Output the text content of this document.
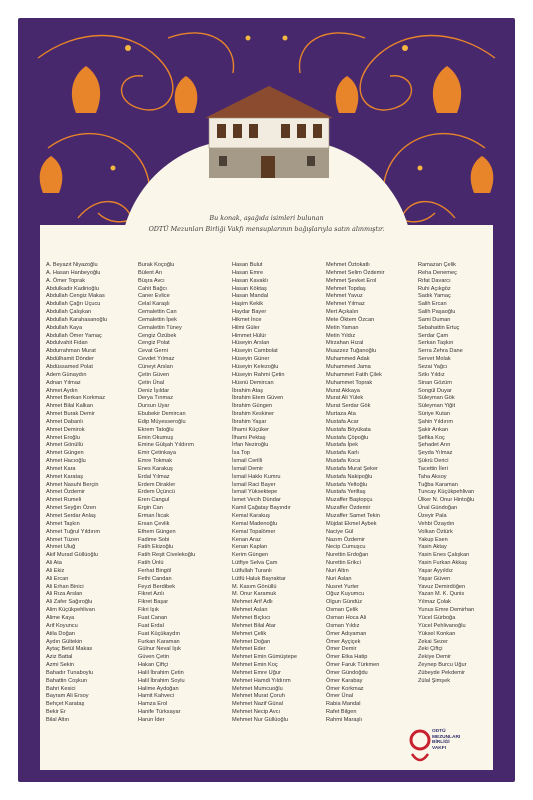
Bu konak, aşağıda isimleri bulunan
ODTÜ Mezunları Birliği Vakfı mensuplarının bağışlarıyla satın alınmıştır.
A. Beyazıt Niyazoğlu
A. Hasan Hanbeyoğlu
A. Ömer Toprak
Abdulkadir Kadirioğlu
Abdullah Cengiz Makas
Abdullah Çağrı Uçucu
Abdullah Çalışkan
Abdullah Karahasanoğlu
Abdullah Kaya
Abdullah Ömer Yamaç
Abdulvahit Fidan
Abdurrahman Murat
Abdülhamit Dönder
Abdüssamed Polat
Adem Günaydın
Adnan Yılmaz
Ahmet Aydın
Ahmet Berkan Korkmaz
Ahmet Bilal Kalkan
Ahmet Burak Demir
Ahmet Dabanlı
Ahmet Demirok
Ahmet Eroğlu
Ahmet Gönüllü
Ahmet Güngen
Ahmet Hacıoğlu
Ahmet Kara
Ahmet Karataş
Ahmet Nasuhi Berçin
Ahmet Özdemir
Ahmet Rumeli
Ahmet Seyğın Özen
Ahmet Serdar Anlaş
Ahmet Taşkın
Ahmet Tuğrul Yıldırım
Ahmet Tüzen
Ahmet Uluğ
Akif Murad Güllüoğlu
Ali Ata
Ali Ekiz
Ali Ercan
Ali Erhan Binici
Ali Rıza Arslan
Ali Zafer Sağıroğlu
Alim Küçükpehlivan
Alime Kaya
Arif Koyuncu
Atila Doğan
Aydın Gültekin
Aytaç Betül Makas
Aziz Battal
Azmi Sekin
Bahadır Tunaboylu
Bahattin Coşkun
Bahri Kesici
Bayram Ali Ersoy
Behçet Karataş
Bekir Er
Bilal Altın
Burak Koçoğlu
Bülent Arı
Büşra Avcı
Cahit Bağcı
Caner Evlice
Celal Karaşlı
Cemalettin Can
Cemalettin İpek
Cemalettin Tüney
Cengiz Özübek
Cengiz Polat
Cevat Gerni
Cevdet Yılmaz
Cüneyt Arslan
Çetin Güven
Çetin Ünal
Deniz İşıldar
Derya Tınmaz
Dursun Uyar
Ebubekir Demircan
Edip Müyesseroğlu
Ekrem Tatoğlu
Emin Okumuş
Emine Gülşah Yıldırım
Emir Çetinkaya
Emre Tokmak
Enes Karakuş
Erdal Yılmaz
Erdem Dirakler
Erdem Üçüncü
Eren Cangul
Ergin Can
Erman İlıcak
Ersan Çevlik
Ethem Güngen
Fadime Sobi
Fatih Ekizoğlu
Fatih Reşit Civelekoğlu
Fatih Ünlü
Ferhat Bingöl
Fethi Candan
Feyzi Berdibek
Fikret Azılı
Fikret Başar
Fikri Işık
Fuat Canan
Fuat Erdal
Fuat Küçükaydın
Furkan Karaman
Gülnur Neval Işık
Güven Çetin
Hakan Çiftçi
Halil İbrahim Çetin
Halil İbrahim Soylu
Halime Aydoğan
Hamit Kahveci
Hamza Erol
Hanife Türksayar
Harun İder
Hasan Bulut
Hasan Emre
Hasan Kavaklı
Hasan Köktaş
Hasan Mandal
Haşim Kekik
Haydar Bayer
Hikmet İnce
Hilmi Güler
Himmet Hülür
Hüseyin Arslan
Hüseyin Cambolat
Hüseyin Güner
Hüseyin Kelezoğlu
Hüseyin Rahmi Çetin
Hüsnü Demircan
İbrahim Ataş
İbrahim Etem Güven
İbrahim Güngen
İbrahim Keskiner
İbrahim Yaşar
İlhami Küçüker
İlhami Pektaş
İrfan Neziroğlu
İsa Top
İsmail Cerilli
İsmail Demir
İsmail Hakkı Kumru
İsmail Raci Bayer
İsmail Yüksektepe
İsmet Vecih Dündar
Kamil Çağatay Bayındır
Kemal Karakuş
Kemal Madenoğlu
Kemal Topalömer
Kenan Araz
Kenan Kaplan
Kerim Güngen
Lütfiye Selva Çam
Lütfullah Turanlı
Lütfü Haluk Bayraktar
M. Kasım Gönüllü
M. Onur Karamuk
Mehmet Arif Adlı
Mehmet Aslan
Mehmet Bıçkıcı
Mehmet Bilal Atar
Mehmet Çelik
Mehmet Doğan
Mehmet Eder
Mehmet Emin Gümüştepe
Mehmet Emin Koç
Mehmet Emre Uğur
Mehmet Hamdi Yıldırım
Mehmet Mumcuoğlu
Mehmet Murat Çoruh
Mehmet Nazif Günal
Mehmet Necip Avcı
Mehmet Nur Güllüoğlu
Mehmet Öztokatlı
Mehmet Selim Özdemir
Mehmet Şevket Erol
Mehmet Topdaş
Mehmet Yavuz
Mehmet Yılmaz
Mert Açıkalın
Mete Öktem Özcan
Metin Yaman
Metin Yıldız
Mirzahan Hızal
Muazzez Tuğanoğlu
Muhammed Adak
Muhammed Jama
Muhammet Fatih Çilek
Muhammet Toprak
Murat Akkaya
Murat Ali Yülek
Murat Serdar Gök
Murtaza Ata
Mustafa Acar
Mustafa Böyükata
Mustafa Çöpoğlu
Mustafa İpek
Mustafa Karlı
Mustafa Koca
Mustafa Murat Şeker
Mustafa Nakipoğlu
Mustafa Yeltoğlu
Mustafa Yeriltaş
Muzaffer Baştopçu
Muzaffer Özdemir
Muzaffer Samet Tekin
Müjdat Ekmel Aybek
Naciye Gül
Nazım Özdemir
Necip Cumuşcu
Nurettin Erdoğan
Nurettin Erikci
Nuri Altın
Nuri Aslan
Nusret Yurter
Oğuz Kuyumcu
Olgun Gündüz
Osman Çelik
Osman Hoca Ali
Osman Yıldız
Ömer Adıyaman
Ömer Ayçiçek
Ömer Demir
Ömer Etka Hatip
Ömer Faruk Türkmen
Ömer Gündoğdu
Ömer Karabay
Ömer Korkmaz
Ömer Ünal
Rabia Mandal
Rafet Bilgen
Rahmi Maraşlı
Ramazan Çelik
Reha Denemeç
Rıfat Davarcı
Ruhi Açıkgöz
Sadık Yamaç
Salih Ercan
Salih Paşaoğlu
Sami Duman
Sebahattin Ertuç
Serdar Çam
Serkan Taşkın
Serra Zehra Dane
Servet Molak
Sezai Yağcı
Sıtkı Yıldız
Sinan Gözüm
Songül Duyar
Süleyman Gök
Süleyman Yiğit
Süriye Kutan
Şahin Yıldırım
Şakir Arıkan
Şefika Koç
Şehadet Arın
Şeyda Yılmaz
Şükrü Derici
Tacettin İleri
Taha Aksoy
Tuğba Karaman
Tuncay Küçükpehlivan
Ülker N. Onur Hintoğlu
Ünal Gündoğan
Üzeyir Pala
Vehbi Özaydın
Volkan Öztürk
Yakup Esen
Yasin Aktay
Yasin Enes Çalışkan
Yasin Furkan Akkaş
Yaşar Ayyıldız
Yaşar Güven
Yavuz Demirdöğen
Yazan M. K. Qunis
Yılmaz Çolak
Yunus Emre Demirhan
Yücel Gürboğa
Yücel Pehlivanoğlu
Yüksel Konkan
Zekai Sezer
Zeki Çiftçi
Zekiye Demir
Zeynep Burcu Uğur
Zübeyde Pekdemir
Zülal Şimşek
ODTÜ
MEZUNLARI
BİRLİĞİ
VAKFI
